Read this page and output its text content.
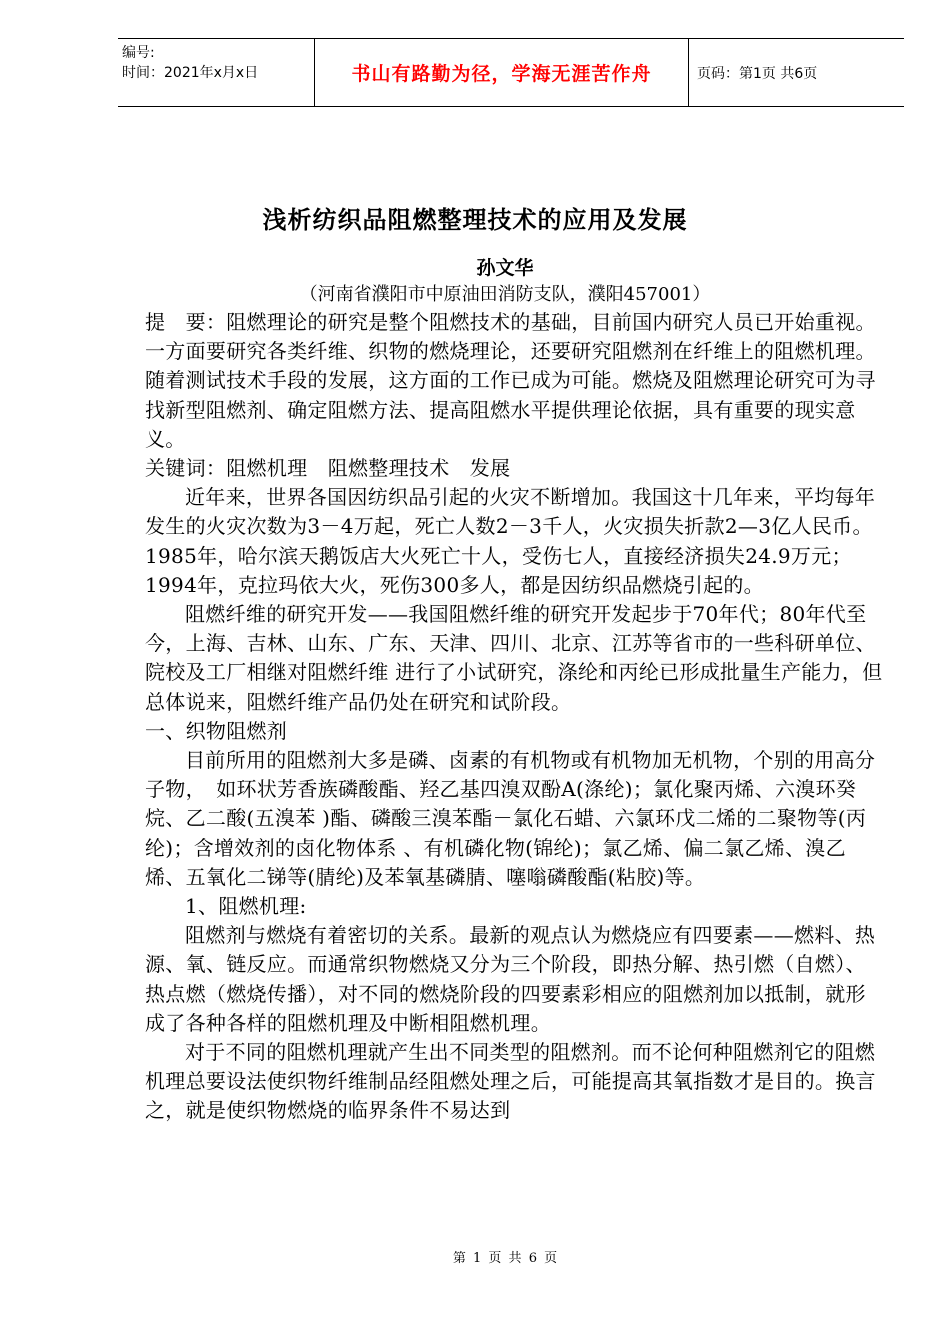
编号:
时间：2021年x月x日	书山有路勤为径，学海无涯苦作舟	页码：第1页 共6页
浅析纺织品阻燃整理技术的应用及发展
孙文华
（河南省濮阳市中原油田消防支队，濮阳457001）

提　要：阻燃理论的研究是整个阻燃技术的基础，目前国内研究人员已开始重视。一方面要研究各类纤维、织物的燃烧理论，还要研究阻燃剂在纤维上的阻燃机理。随着测试技术手段的发展，这方面的工作已成为可能。燃烧及阻燃理论研究可为寻找新型阻燃剂、确定阻燃方法、提高阻燃水平提供理论依据，具有重要的现实意义。

关键词：阻燃机理　阻燃整理技术　发展

近年来，世界各国因纺织品引起的火灾不断增加。我国这十几年来，平均每年发生的火灾次数为3－4万起，死亡人数2－3千人，火灾损失折款2—3亿人民币。1985年，哈尔滨天鹅饭店大火死亡十人，受伤七人，直接经济损失24.9万元；1994年，克拉玛依大火，死伤300多人，都是因纺织品燃烧引起的。

阻燃纤维的研究开发——我国阻燃纤维的研究开发起步于70年代；80年代至今，上海、吉林、山东、广东、天津、四川、北京、江苏等省市的一些科研单位、院校及工厂相继对阻燃纤维 进行了小试研究，涤纶和丙纶已形成批量生产能力，但总体说来，阻燃纤维产品仍处在研究和试阶段。

一、织物阻燃剂

目前所用的阻燃剂大多是磷、卤素的有机物或有机物加无机物，个别的用高分子物，　如环状芳香族磷酸酯、羟乙基四溴双酚A(涤纶)；氯化聚丙烯、六溴环癸烷、乙二酸(五溴苯 )酯、磷酸三溴苯酯－氯化石蜡、六氯环戊二烯的二聚物等(丙纶)；含增效剂的卤化物体系 、有机磷化物(锦纶)；氯乙烯、偏二氯乙烯、溴乙烯、五氧化二锑等(腈纶)及苯氧基磷腈、噻嗡磷酸酯(粘胶)等。

1、阻燃机理:

阻燃剂与燃烧有着密切的关系。最新的观点认为燃烧应有四要素——燃料、热源、氧、链反应。而通常织物燃烧又分为三个阶段，即热分解、热引燃（自燃）、热点燃（燃烧传播），对不同的燃烧阶段的四要素彩相应的阻燃剂加以抵制，就形成了各种各样的阻燃机理及中断相阻燃机理。

对于不同的阻燃机理就产生出不同类型的阻燃剂。而不论何种阻燃剂它的阻燃机理总要设法使织物纤维制品经阻燃处理之后，可能提高其氧指数才是目的。换言之，就是使织物燃烧的临界条件不易达到

第 1 页 共 6 页
